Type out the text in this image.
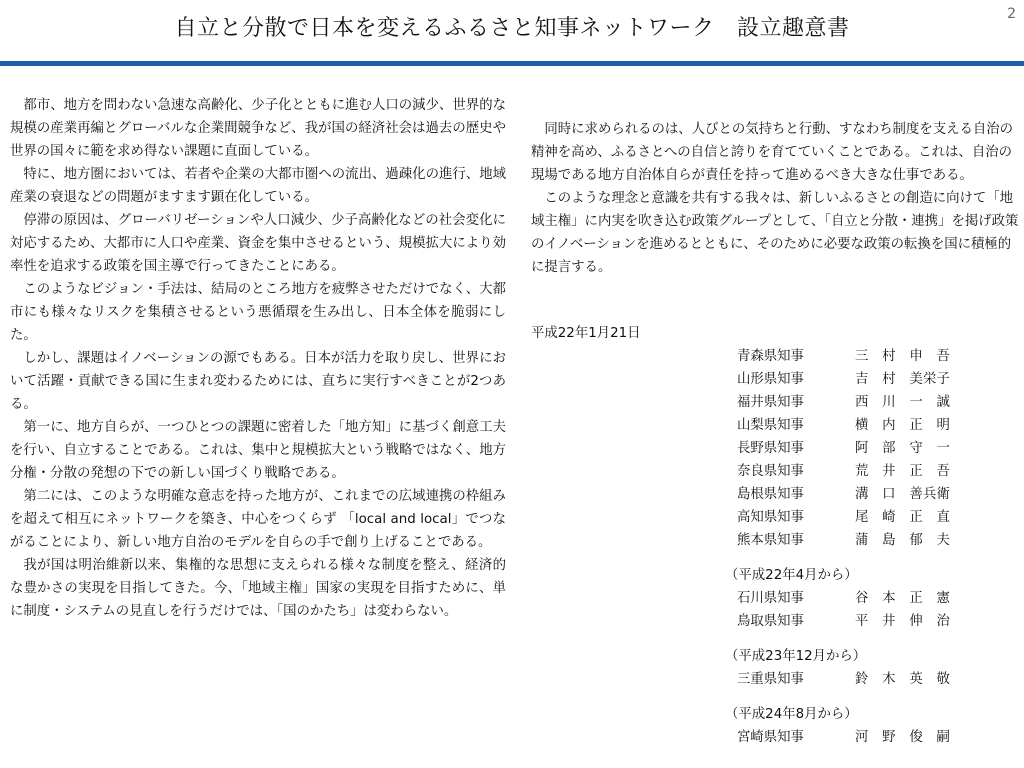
自立と分散で日本を変えるふるさと知事ネットワーク　設立趣意書
2

都市、地方を問わない急速な高齢化、少子化とともに進む人口の減少、世界的な規模の産業再編とグローバルな企業間競争など、我が国の経済社会は過去の歴史や世界の国々に範を求め得ない課題に直面している。

特に、地方圏においては、若者や企業の大都市圏への流出、過疎化の進行、地域産業の衰退などの問題がますます顕在化している。

停滞の原因は、グローバリゼーションや人口減少、少子高齢化などの社会変化に対応するため、大都市に人口や産業、資金を集中させるという、規模拡大により効率性を追求する政策を国主導で行ってきたことにある。

このようなビジョン・手法は、結局のところ地方を疲弊させただけでなく、大都市にも様々なリスクを集積させるという悪循環を生み出し、日本全体を脆弱にした。

しかし、課題はイノベーションの源でもある。日本が活力を取り戻し、世界において活躍・貢献できる国に生まれ変わるためには、直ちに実行すべきことが2つある。

第一に、地方自らが、一つひとつの課題に密着した「地方知」に基づく創意工夫を行い、自立することである。これは、集中と規模拡大という戦略ではなく、地方分権・分散の発想の下での新しい国づくり戦略である。

第二には、このような明確な意志を持った地方が、これまでの広域連携の枠組みを超えて相互にネットワークを築き、中心をつくらず 「local and local」でつながることにより、新しい地方自治のモデルを自らの手で創り上げることである。

我が国は明治維新以来、集権的な思想に支えられる様々な制度を整え、経済的な豊かさの実現を目指してきた。今、「地域主権」国家の実現を目指すために、単に制度・システムの見直しを行うだけでは、「国のかたち」は変わらない。

同時に求められるのは、人びとの気持ちと行動、すなわち制度を支える自治の精神を高め、ふるさとへの自信と誇りを育てていくことである。これは、自治の現場である地方自治体自らが責任を持って進めるべき大きな仕事である。

このような理念と意識を共有する我々は、新しいふるさとの創造に向けて「地域主権」に内実を吹き込む政策グループとして、「自立と分散・連携」を掲げ政策のイノベーションを進めるとともに、そのために必要な政策の転換を国に積極的に提言する。

平成22年1月21日
青森県知事	三　村　申　吾
山形県知事	吉　村　美栄子
福井県知事	西　川　一　誠
山梨県知事	横　内　正　明
長野県知事	阿　部　守　一
奈良県知事	荒　井　正　吾
島根県知事	溝　口　善兵衛
高知県知事	尾　崎　正　直
熊本県知事	蒲　島　郁　夫
（平成22年4月から）
石川県知事	谷　本　正　憲
鳥取県知事	平　井　伸　治
（平成23年12月から）
三重県知事	鈴　木　英　敬
（平成24年8月から）
宮崎県知事	河　野　俊　嗣
